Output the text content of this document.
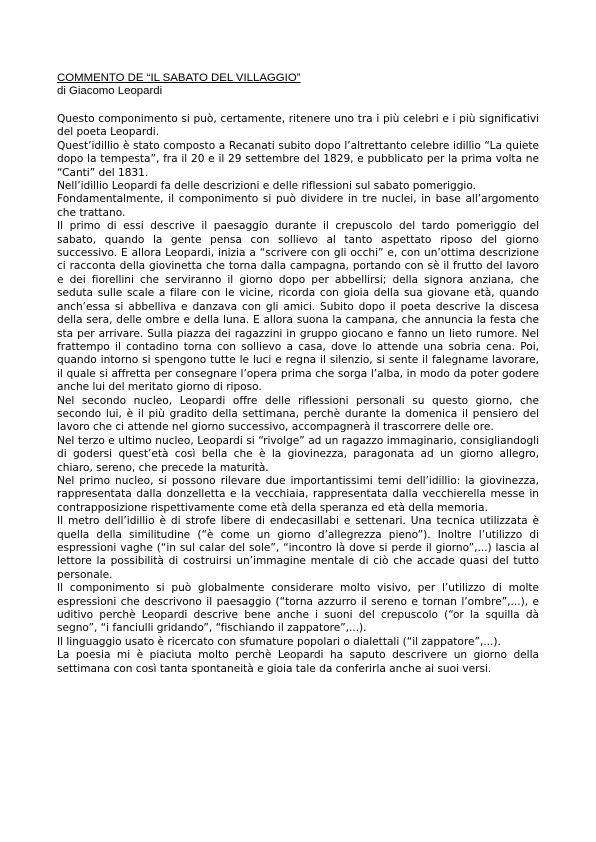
COMMENTO DE “IL SABATO DEL VILLAGGIO”

di Giacomo Leopardi

Questo componimento si può, certamente, ritenere uno tra i più celebri e i più significativi del poeta Leopardi.

Quest’idillio è stato composto a Recanati subito dopo l’altrettanto celebre idillio “La quiete dopo la tempesta”, fra il 20 e il 29 settembre del 1829, e pubblicato per la prima volta ne “Canti” del 1831.

Nell’idillio Leopardi fa delle descrizioni e delle riflessioni sul sabato pomeriggio.

Fondamentalmente, il componimento si può dividere in tre nuclei, in base all’argomento che trattano.

Il primo di essi descrive il paesaggio durante il crepuscolo del tardo pomeriggio del sabato, quando la gente pensa con sollievo al tanto aspettato riposo del giorno successivo. E allora Leopardi, inizia a “scrivere con gli occhi” e, con un’ottima descrizione ci racconta della giovinetta che torna dalla campagna, portando con sè il frutto del lavoro e dei fiorellini che serviranno il giorno dopo per abbellirsi; della signora anziana, che seduta sulle scale a filare con le vicine, ricorda con gioia della sua giovane età, quando anch’essa si abbelliva e danzava con gli amici. Subito dopo il poeta descrive la discesa della sera, delle ombre e della luna. E allora suona la campana, che annuncia la festa che sta per arrivare. Sulla piazza dei ragazzini in gruppo giocano e fanno un lieto rumore. Nel frattempo il contadino torna con sollievo a casa, dove lo attende una sobria cena. Poi, quando intorno si spengono tutte le luci e regna il silenzio, si sente il falegname lavorare, il quale si affretta per consegnare l’opera prima che sorga l’alba, in modo da poter godere anche lui del meritato giorno di riposo.

Nel secondo nucleo, Leopardi offre delle riflessioni personali su questo giorno, che secondo lui, è il più gradito della settimana, perchè durante la domenica il pensiero del lavoro che ci attende nel giorno successivo, accompagnerà il trascorrere delle ore.

Nel terzo e ultimo nucleo, Leopardi si “rivolge” ad un ragazzo immaginario, consigliandogli di godersi quest’età così bella che è la giovinezza, paragonata ad un giorno allegro, chiaro, sereno, che precede la maturità.

Nel primo nucleo, si possono rilevare due importantissimi temi dell’idillio: la giovinezza, rappresentata dalla donzelletta e la vecchiaia, rappresentata dalla vecchierella messe in contrapposizione rispettivamente come età della speranza ed età della memoria.

Il metro dell’idillio è di strofe libere di endecasillabi e settenari. Una tecnica utilizzata è quella della similitudine (“è come un giorno d’allegrezza pieno”). Inoltre l’utilizzo di espressioni vaghe (“in sul calar del sole”, “incontro là dove si perde il giorno”,...) lascia al lettore la possibilità di costruirsi un’immagine mentale di ciò che accade quasi del tutto personale.

Il componimento si può globalmente considerare molto visivo, per l’utilizzo di molte espressioni che descrivono il paesaggio (“torna azzurro il sereno e tornan l’ombre”,...), e uditivo perchè Leopardi descrive bene anche i suoni del crepuscolo (“or la squilla dà segno”, “i fanciulli gridando”, “fischiando il zappatore”,...).

Il linguaggio usato è ricercato con sfumature popolari o dialettali (“il zappatore”,...).

La poesia mi è piaciuta molto perchè Leopardi ha saputo descrivere un giorno della settimana con così tanta spontaneità e gioia tale da conferirla anche ai suoi versi.
